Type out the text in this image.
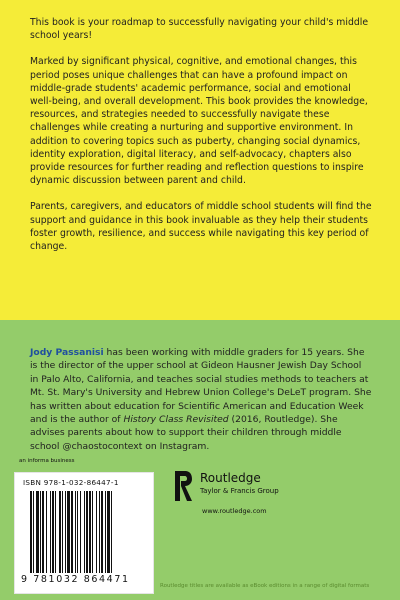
This book is your roadmap to successfully navigating your child's middle school years!

Marked by significant physical, cognitive, and emotional changes, this period poses unique challenges that can have a profound impact on middle-grade students' academic performance, social and emotional well-being, and overall development. This book provides the knowledge, resources, and strategies needed to successfully navigate these challenges while creating a nurturing and supportive environment. In addition to covering topics such as puberty, changing social dynamics, identity exploration, digital literacy, and self-advocacy, chapters also provide resources for further reading and reflection questions to inspire dynamic discussion between parent and child.

Parents, caregivers, and educators of middle school students will find the support and guidance in this book invaluable as they help their students foster growth, resilience, and success while navigating this key period of change.

Jody Passanisi has been working with middle graders for 15 years. She is the director of the upper school at Gideon Hausner Jewish Day School in Palo Alto, California, and teaches social studies methods to teachers at Mt. St. Mary's University and Hebrew Union College's DeLeT program. She has written about education for Scientific American and Education Week and is the author of History Class Revisited (2016, Routledge). She advises parents about how to support their children through middle school @chaostocontext on Instagram.
an informa business
ISBN 978-1-032-86447-1
9 781032 864471
Routledge
Taylor & Francis Group
www.routledge.com
Routledge titles are available as eBook editions in a range of digital formats
